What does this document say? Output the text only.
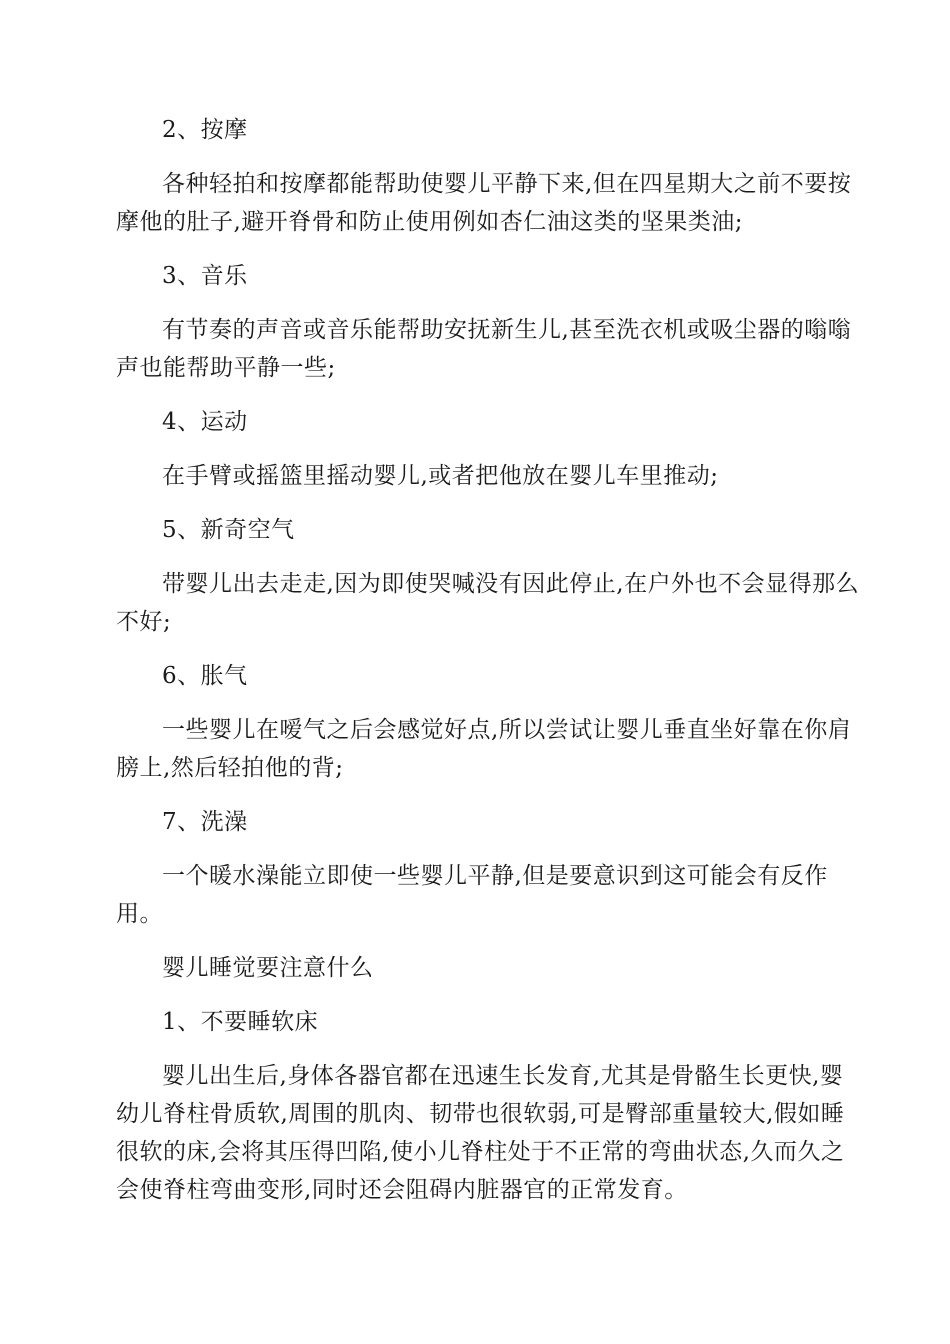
2、按摩

各种轻拍和按摩都能帮助使婴儿平静下来,但在四星期大之前不要按

摩他的肚子,避开脊骨和防止使用例如杏仁油这类的坚果类油;

3、音乐

有节奏的声音或音乐能帮助安抚新生儿,甚至洗衣机或吸尘器的嗡嗡

声也能帮助平静一些;

4、运动

在手臂或摇篮里摇动婴儿,或者把他放在婴儿车里推动;

5、新奇空气

带婴儿出去走走,因为即使哭喊没有因此停止,在户外也不会显得那么

不好;

6、胀气

一些婴儿在嗳气之后会感觉好点,所以尝试让婴儿垂直坐好靠在你肩

膀上,然后轻拍他的背;

7、洗澡

一个暖水澡能立即使一些婴儿平静,但是要意识到这可能会有反作

用。

婴儿睡觉要注意什么

1、不要睡软床

婴儿出生后,身体各器官都在迅速生长发育,尤其是骨骼生长更快,婴

幼儿脊柱骨质软,周围的肌肉、韧带也很软弱,可是臀部重量较大,假如睡

很软的床,会将其压得凹陷,使小儿脊柱处于不正常的弯曲状态,久而久之

会使脊柱弯曲变形,同时还会阻碍内脏器官的正常发育。
